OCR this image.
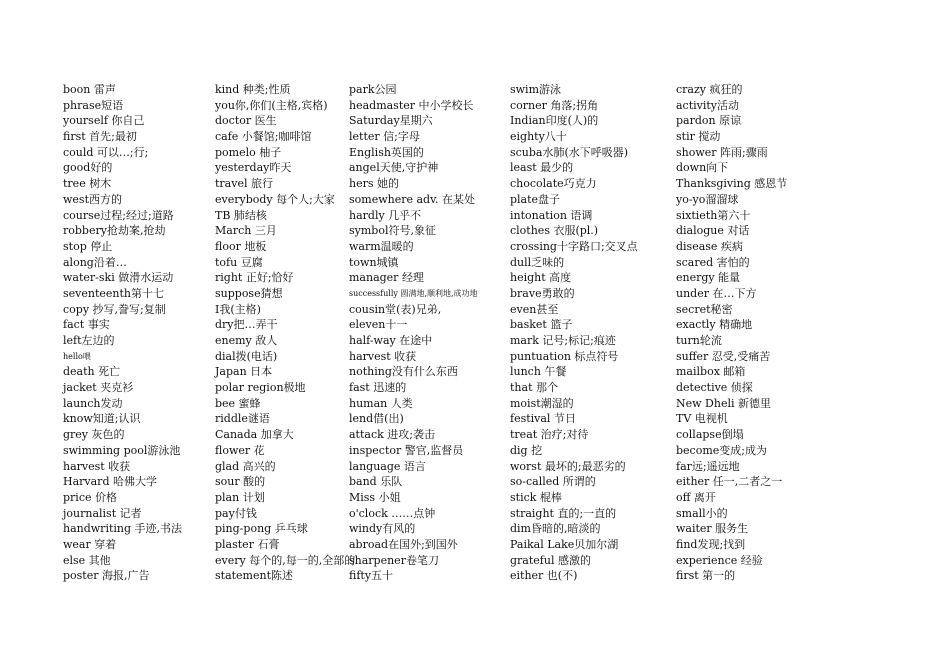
boon 雷声
phrase短语
yourself 你自己
first 首先;最初
could 可以…;行;
good好的
tree 树木
west西方的
course过程;经过;道路
robbery抢劫案,抢劫
stop 停止
along沿着…
water-ski 做滑水运动
seventeenth第十七
copy 抄写,誊写;复制
fact 事实
left左边的
hello喂
death 死亡
jacket 夹克衫
launch发动
know知道;认识
grey 灰色的
swimming pool游泳池
harvest 收获
Harvard 哈佛大学
price 价格
journalist 记者
handwriting 手迹,书法
wear 穿着
else 其他
poster 海报,广告
kind 种类;性质
you你,你们(主格,宾格)
doctor 医生
cafe 小餐馆;咖啡馆
pomelo 柚子
yesterday昨天
travel 旅行
everybody 每个人;大家
TB 肺结核
March 三月
floor 地板
tofu 豆腐
right 正好;恰好
suppose猜想
I我(主格)
dry把…弄干
enemy 敌人
dial拨(电话)
Japan 日本
polar region极地
bee 蜜蜂
riddle谜语
Canada 加拿大
flower 花
glad 高兴的
sour 酸的
plan 计划
pay付钱
ping-pong 乒乓球
plaster 石膏
every 每个的,每一的,全部的
statement陈述
park公园
headmaster 中小学校长
Saturday星期六
letter 信;字母
English英国的
angel天使,守护神
hers 她的
somewhere adv. 在某处
hardly 几乎不
symbol符号,象征
warm温暖的
town城镇
manager 经理
successfully 圆满地,顺利地,成功地
cousin堂(表)兄弟,
eleven十一
half-way 在途中
harvest 收获
nothing没有什么东西
fast 迅速的
human 人类
lend借(出)
attack 进攻;袭击
inspector 警官,监督员
language 语言
band 乐队
Miss 小姐
o'clock ……点钟
windy有风的
abroad在国外;到国外
sharpener卷笔刀
fifty五十
swim游泳
corner 角落;拐角
Indian印度(人)的
eighty八十
scuba水肺(水下呼吸器)
least 最少的
chocolate巧克力
plate盘子
intonation 语调
clothes 衣服(pl.)
crossing十字路口;交叉点
dull乏味的
height 高度
brave勇敢的
even甚至
basket 篮子
mark 记号;标记;痕迹
puntuation 标点符号
lunch 午餐
that 那个
moist潮湿的
festival 节日
treat 治疗;对待
dig 挖
worst 最坏的;最恶劣的
so-called 所谓的
stick 棍棒
straight 直的;一直的
dim昏暗的,暗淡的
Paikal Lake贝加尔湖
grateful 感激的
either 也(不)
crazy 疯狂的
activity活动
pardon 原谅
stir 搅动
shower 阵雨;骤雨
down向下
Thanksgiving 感恩节
yo-yo溜溜球
sixtieth第六十
dialogue 对话
disease 疾病
scared 害怕的
energy 能量
under 在…下方
secret秘密
exactly 精确地
turn轮流
suffer 忍受,受痛苦
mailbox 邮箱
detective 侦探
New Dheli 新德里
TV 电视机
collapse倒塌
become变成;成为
far远;遥远地
either 任一,二者之一
off 离开
small小的
waiter 服务生
find发现;找到
experience 经验
first 第一的
